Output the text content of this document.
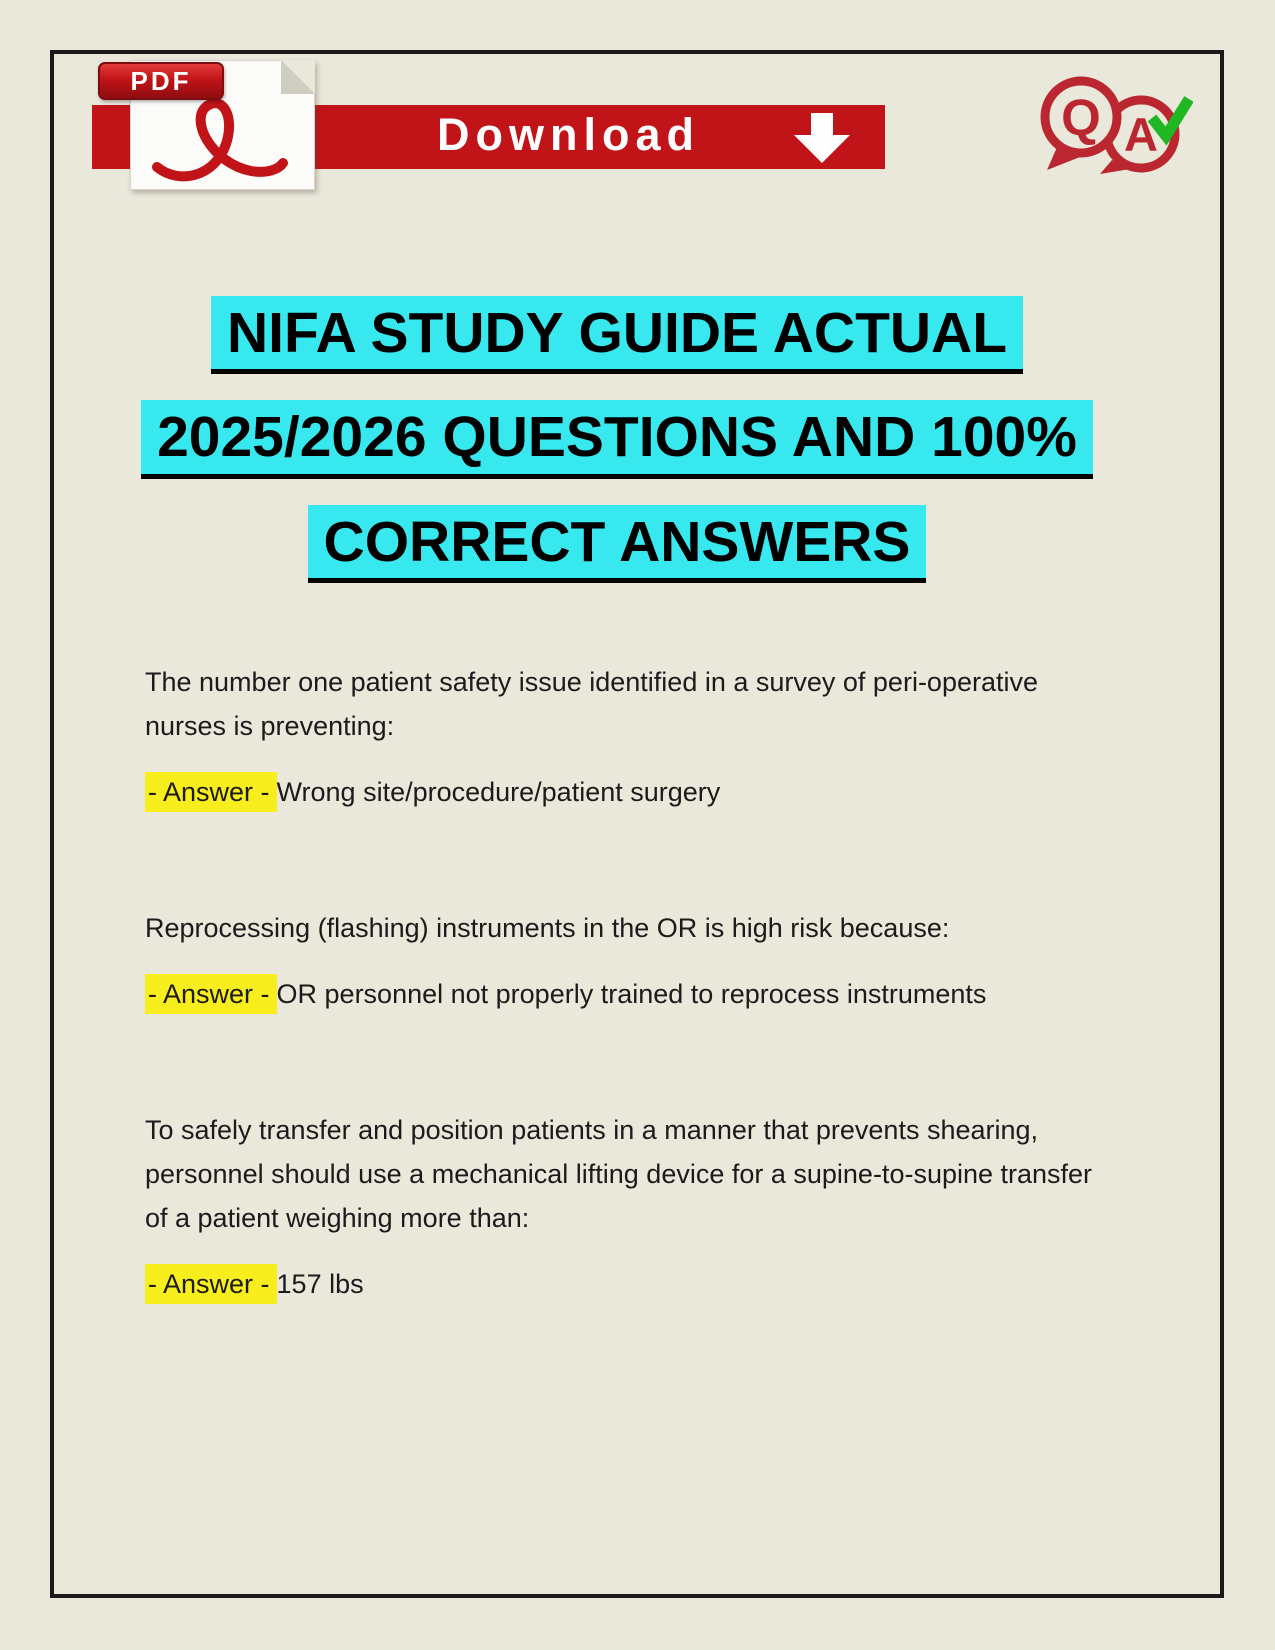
Download
PDF
A
Q
NIFA STUDY GUIDE ACTUAL
2025/2026 QUESTIONS AND 100%
CORRECT ANSWERS

The number one patient safety issue identified in a survey of peri-operative nurses is preventing:

- Answer - Wrong site/procedure/patient surgery

Reprocessing (flashing) instruments in the OR is high risk because:

- Answer - OR personnel not properly trained to reprocess instruments

To safely transfer and position patients in a manner that prevents shearing, personnel should use a mechanical lifting device for a supine-to-supine transfer of a patient weighing more than:

- Answer - 157 lbs
